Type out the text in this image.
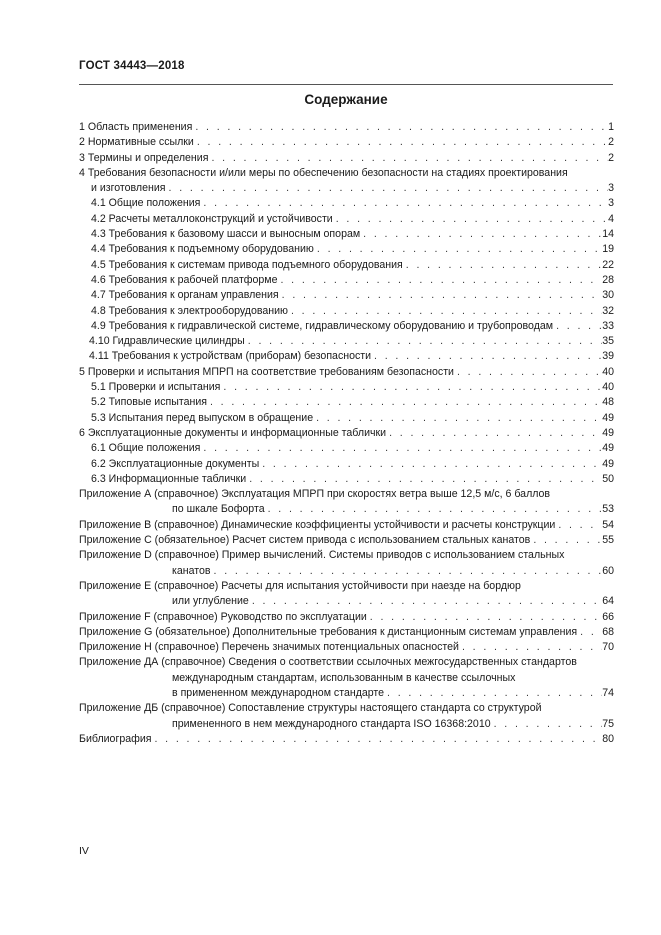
ГОСТ 34443—2018
Содержание
1 Область применения . . .	1
2 Нормативные ссылки . . .	2
3 Термины и определения . . .	2
4 Требования безопасности и/или меры по обеспечению безопасности на стадиях проектирования
и изготовления . . .	3
4.1 Общие положения . . .	3
4.2 Расчеты металлоконструкций и устойчивости . . .	4
4.3 Требования к базовому шасси и выносным опорам . . .	14
4.4 Требования к подъемному оборудованию . . .	19
4.5 Требования к системам привода подъемного оборудования . . .	22
4.6 Требования к рабочей платформе . . .	28
4.7 Требования к органам управления . . .	30
4.8 Требования к электрооборудованию . . .	32
4.9 Требования к гидравлической системе, гидравлическому оборудованию и трубопроводам . . .	33
4.10 Гидравлические цилиндры . . .	35
4.11 Требования к устройствам (приборам) безопасности . . .	39
5 Проверки и испытания МПРП на соответствие требованиям безопасности . . .	40
5.1 Проверки и испытания . . .	40
5.2 Типовые испытания . . .	48
5.3 Испытания перед выпуском в обращение . . .	49
6 Эксплуатационные документы и информационные таблички . . .	49
6.1 Общие положения . . .	49
6.2 Эксплуатационные документы . . .	49
6.3 Информационные таблички . . .	50
Приложение А (справочное) Эксплуатация МПРП при скоростях ветра выше 12,5 м/с, 6 баллов
по шкале Бофорта . . .	53
Приложение В (справочное) Динамические коэффициенты устойчивости и расчеты конструкции . . .	54
Приложение С (обязательное) Расчет систем привода с использованием стальных канатов . . .	55
Приложение D (справочное) Пример вычислений. Системы приводов с использованием стальных
канатов . . .	60
Приложение Е (справочное) Расчеты для испытания устойчивости при наезде на бордюр
или углубление . . .	64
Приложение F (справочное) Руководство по эксплуатации . . .	66
Приложение G (обязательное) Дополнительные требования к дистанционным системам управления . . . 68
Приложение Н (справочное) Перечень значимых потенциальных опасностей . . .	70
Приложение ДА (справочное) Сведения о соответствии ссылочных межгосударственных стандартов
международным стандартам, использованным в качестве ссылочных
в примененном международном стандарте . . .	74
Приложение ДБ (справочное) Сопоставление структуры настоящего стандарта со структурой
примененного в нем международного стандарта ISO 16368:2010 . . .	75
Библиография . . .	80
IV
